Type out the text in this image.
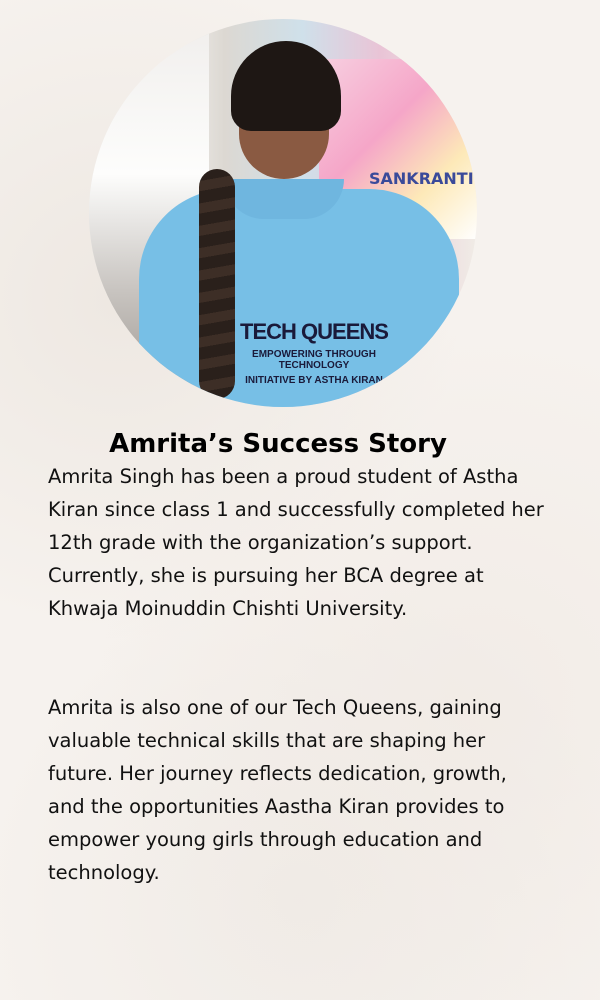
SANKRANTI
TECH QUEENS
EMPOWERING THROUGH TECHNOLOGY
INITIATIVE BY ASTHA KIRAN
Amrita’s Success Story

Amrita Singh has been a proud student of Astha Kiran since class 1 and successfully completed her 12th grade with the organization’s support. Currently, she is pursuing her BCA degree at Khwaja Moinuddin Chishti University.

Amrita is also one of our Tech Queens, gaining valuable technical skills that are shaping her future. Her journey reflects dedication, growth, and the opportunities Aastha Kiran provides to empower young girls through education and technology.
